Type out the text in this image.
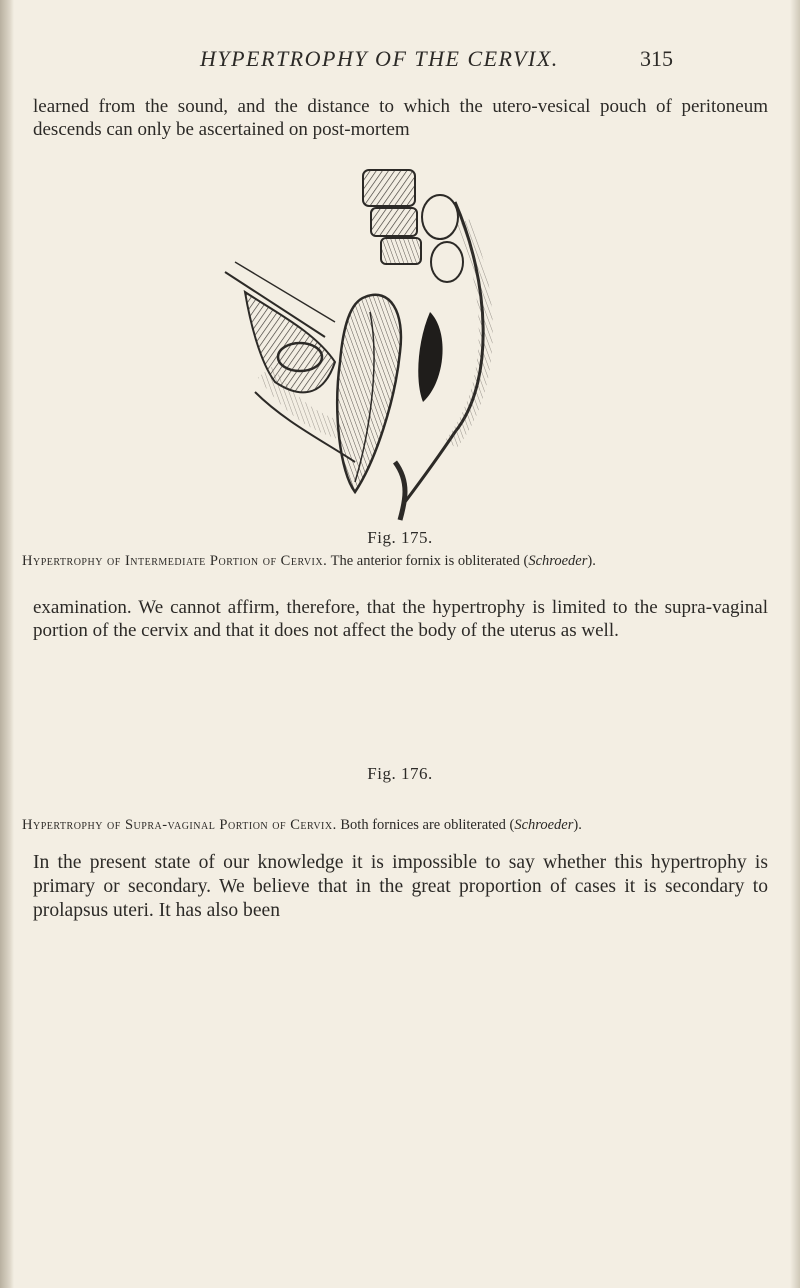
HYPERTROPHY OF THE CERVIX.	315

learned from the sound, and the distance to which the utero-vesical pouch of peritoneum descends can only be ascertained on post-mortem

Fig. 175.

Hypertrophy of Intermediate Portion of Cervix. The anterior fornix is obliterated (Schroeder).

examination. We cannot affirm, therefore, that the hypertrophy is limited to the supra-vaginal portion of the cervix and that it does not affect the body of the uterus as well.

Fig. 176.

Hypertrophy of Supra-vaginal Portion of Cervix. Both fornices are obliterated (Schroeder).

In the present state of our knowledge it is impossible to say whether this hypertrophy is primary or secondary. We believe that in the great proportion of cases it is secondary to prolapsus uteri. It has also been
